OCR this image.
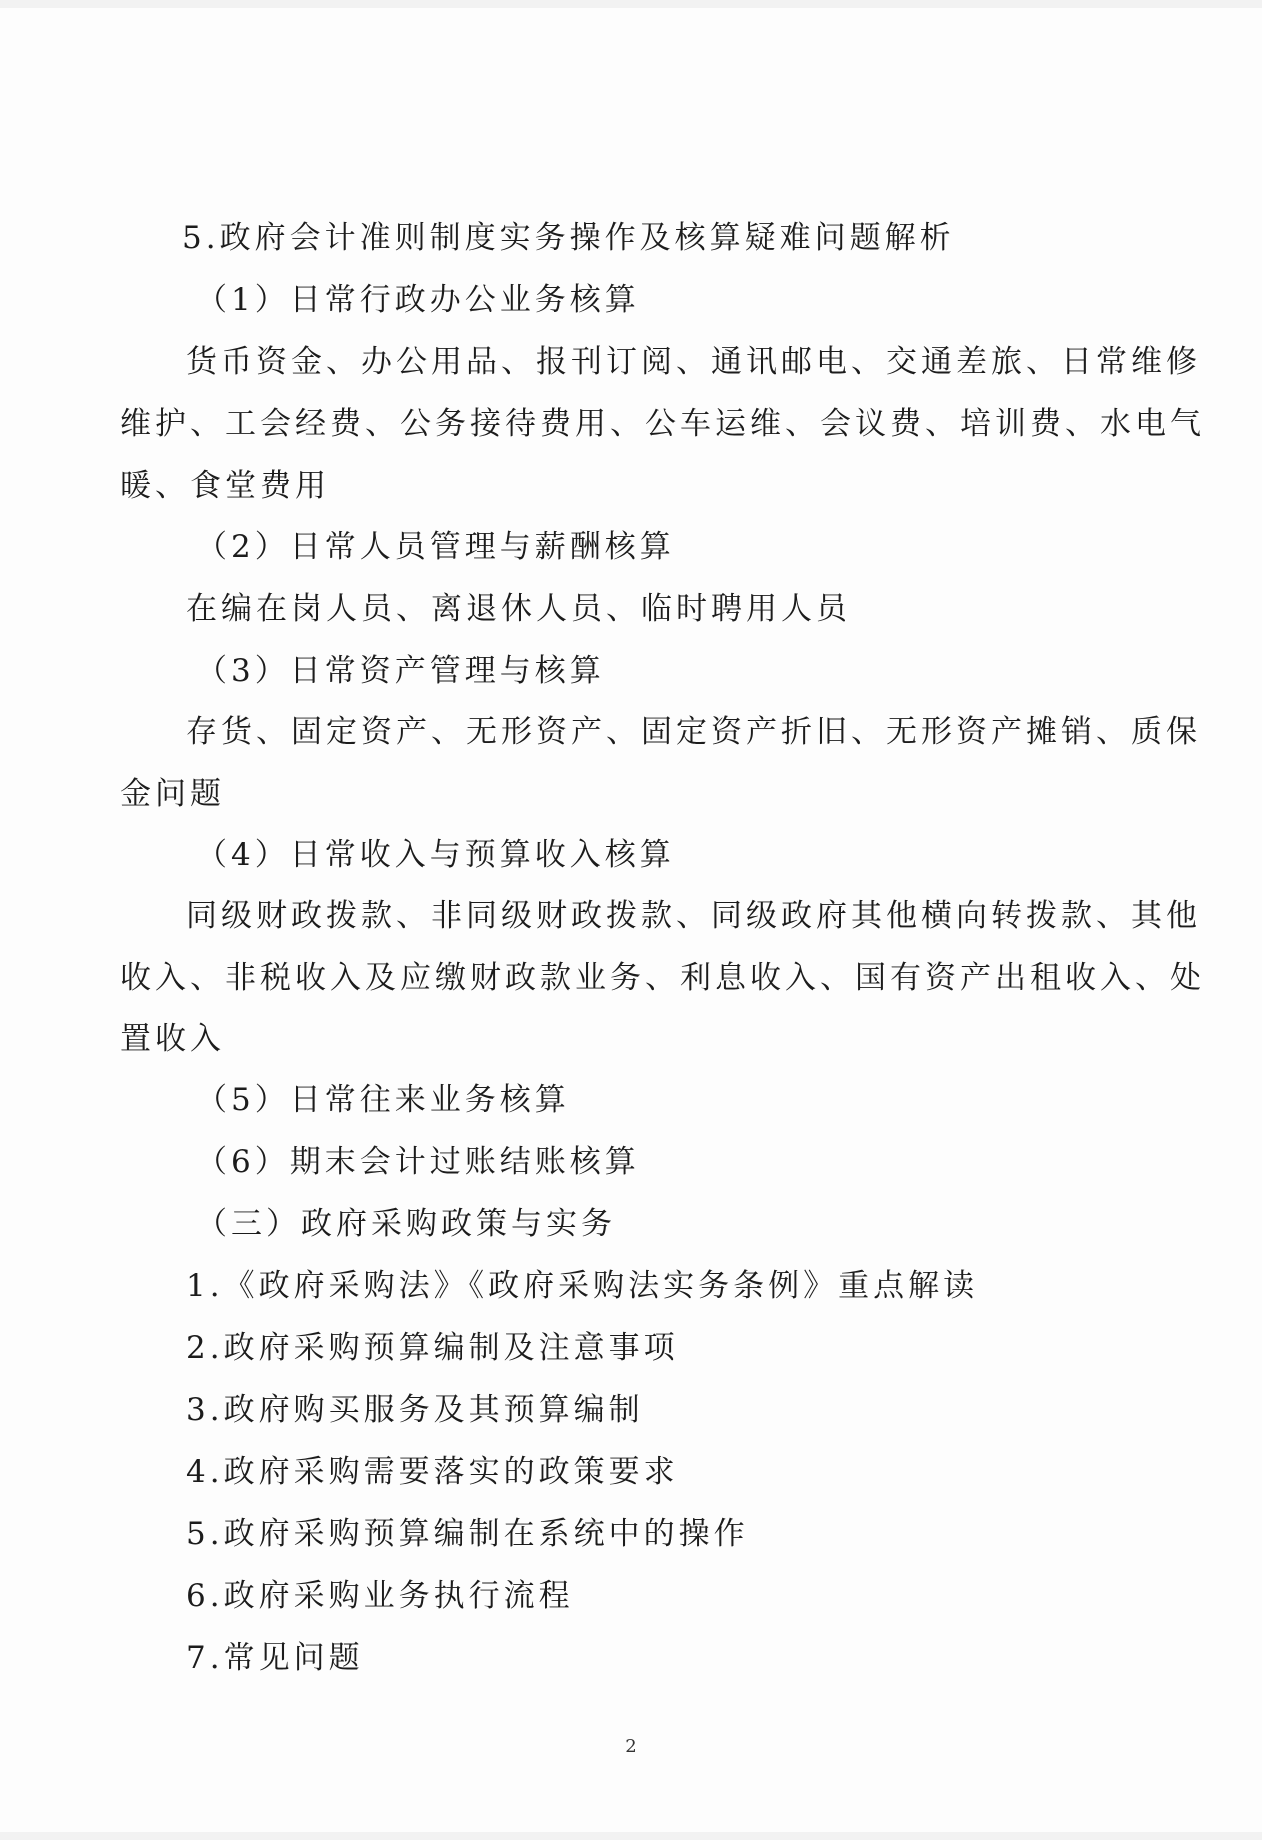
5.政府会计准则制度实务操作及核算疑难问题解析
（1）日常行政办公业务核算
货币资金、办公用品、报刊订阅、通讯邮电、交通差旅、日常维修
维护、工会经费、公务接待费用、公车运维、会议费、培训费、水电气
暖、食堂费用
（2）日常人员管理与薪酬核算
在编在岗人员、离退休人员、临时聘用人员
（3）日常资产管理与核算
存货、固定资产、无形资产、固定资产折旧、无形资产摊销、质保
金问题
（4）日常收入与预算收入核算
同级财政拨款、非同级财政拨款、同级政府其他横向转拨款、其他
收入、非税收入及应缴财政款业务、利息收入、国有资产出租收入、处
置收入
（5）日常往来业务核算
（6）期末会计过账结账核算
（三）政府采购政策与实务
1.《政府采购法》《政府采购法实务条例》重点解读
2.政府采购预算编制及注意事项
3.政府购买服务及其预算编制
4.政府采购需要落实的政策要求
5.政府采购预算编制在系统中的操作
6.政府采购业务执行流程
7.常见问题
2
